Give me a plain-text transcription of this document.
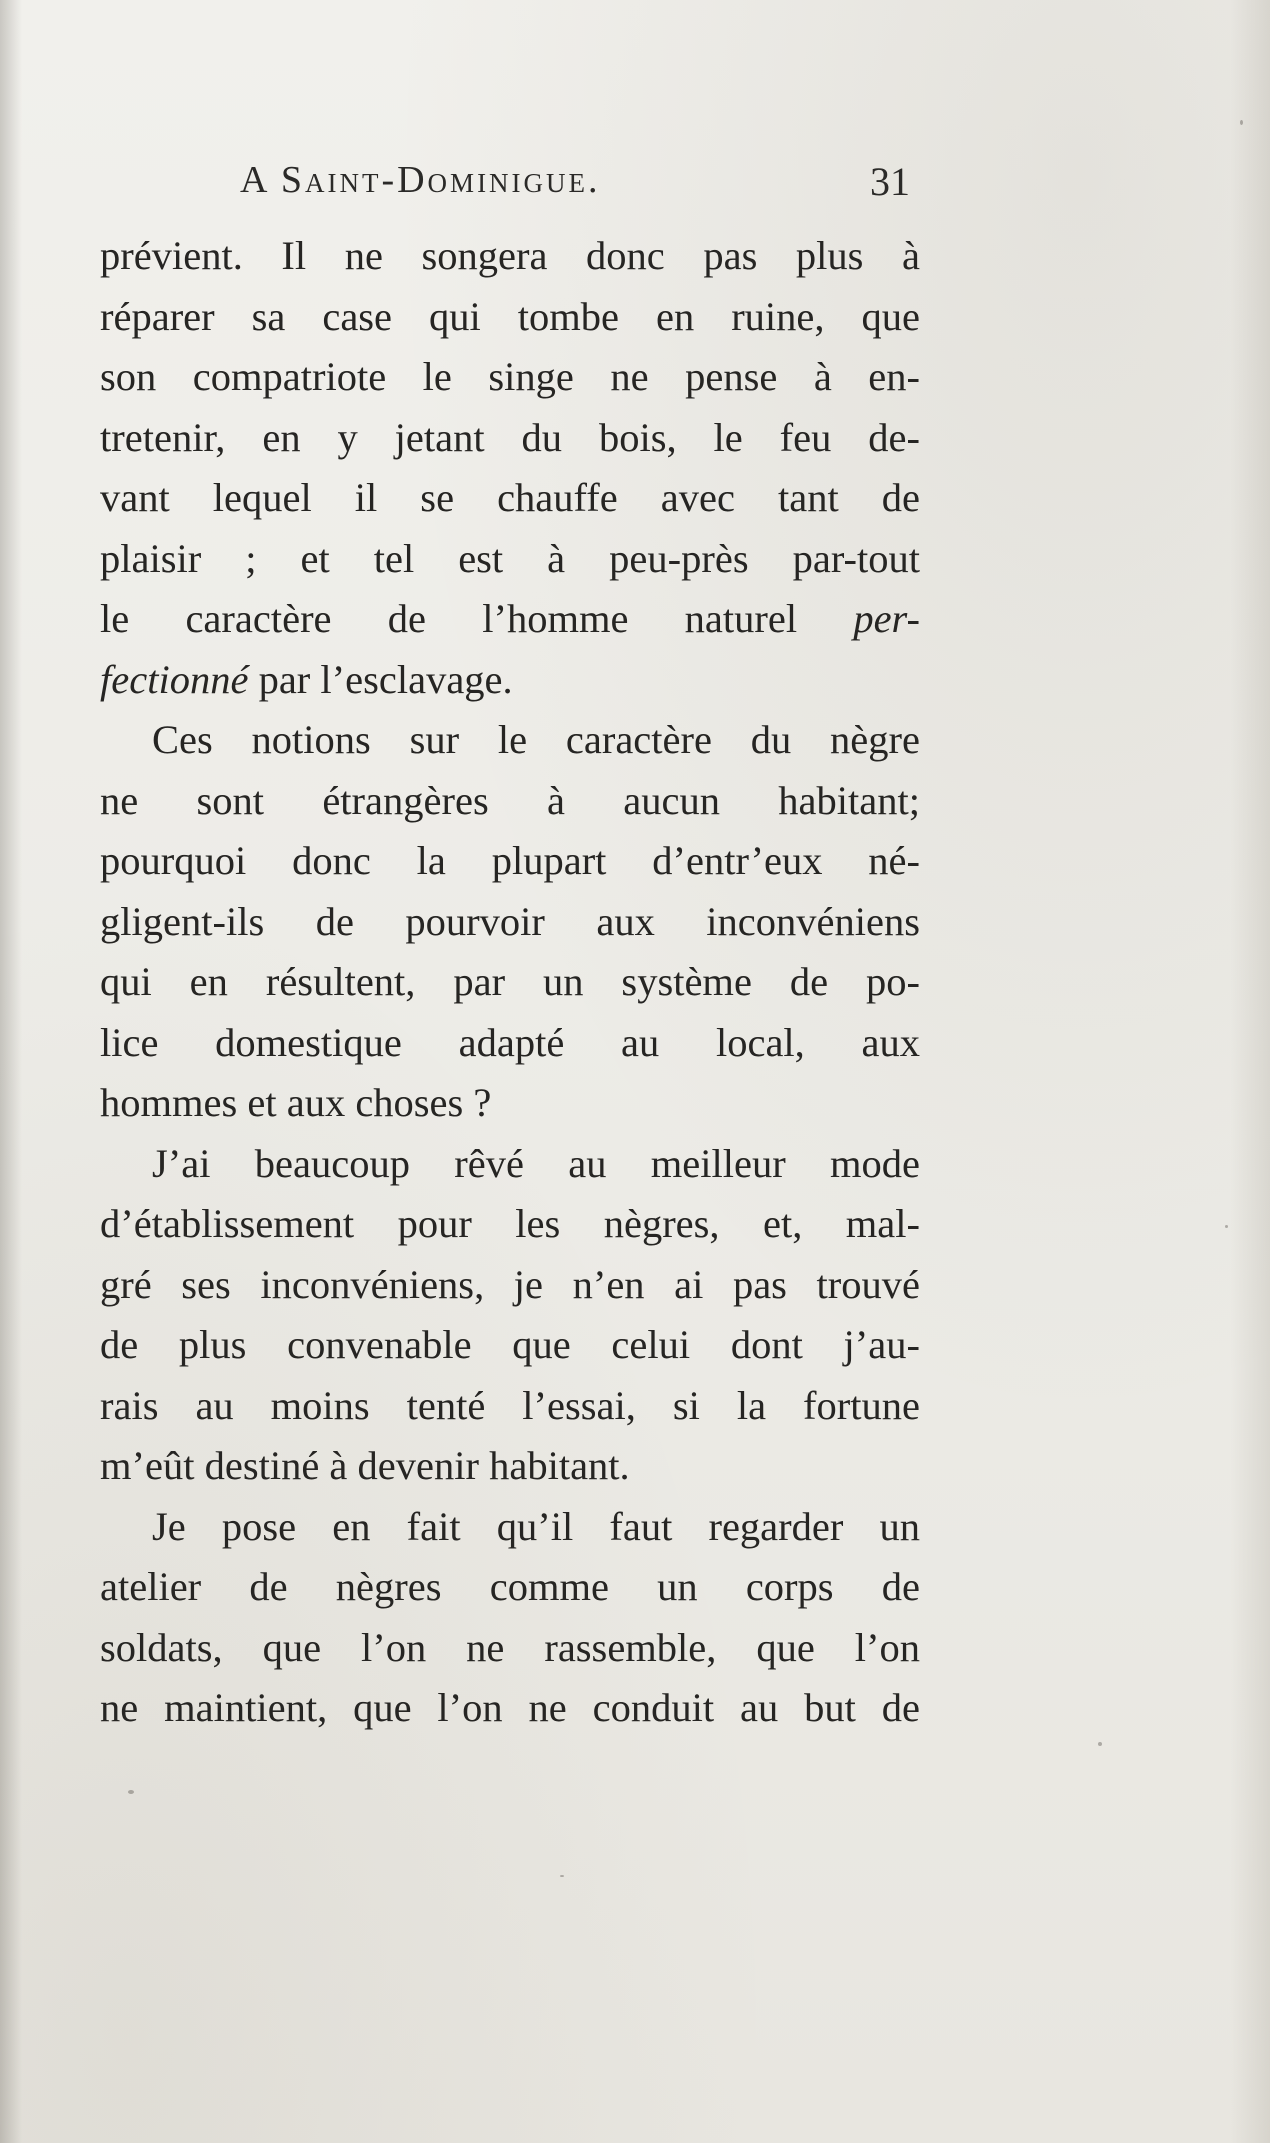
A Saint-Dominigue.	31
prévient. Il ne songera donc pas plus à
réparer sa case qui tombe en ruine, que
son compatriote le singe ne pense à en-
tretenir, en y jetant du bois, le feu de-
vant lequel il se chauffe avec tant de
plaisir ; et tel est à peu-près par-tout
le caractère de l’homme naturel per-
fectionné par l’esclavage.
Ces notions sur le caractère du nègre
ne sont étrangères à aucun habitant;
pourquoi donc la plupart d’entr’eux né-
gligent-ils de pourvoir aux inconvéniens
qui en résultent, par un système de po-
lice domestique adapté au local, aux
hommes et aux choses ?
J’ai beaucoup rêvé au meilleur mode
d’établissement pour les nègres, et, mal-
gré ses inconvéniens, je n’en ai pas trouvé
de plus convenable que celui dont j’au-
rais au moins tenté l’essai, si la fortune
m’eût destiné à devenir habitant.
Je pose en fait qu’il faut regarder un
atelier de nègres comme un corps de
soldats, que l’on ne rassemble, que l’on
ne maintient, que l’on ne conduit au but de
